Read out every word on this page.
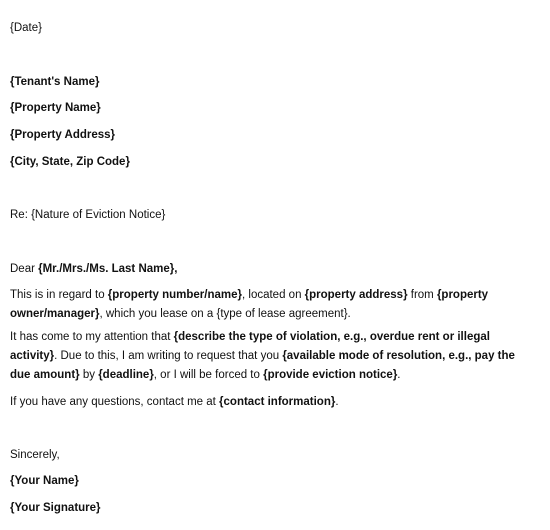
{Date}
{Tenant's Name}
{Property Name}
{Property Address}
{City, State, Zip Code}
Re: {Nature of Eviction Notice}
Dear {Mr./Mrs./Ms. Last Name},
This is in regard to {property number/name}, located on {property address} from {property owner/manager}, which you lease on a {type of lease agreement}.
It has come to my attention that {describe the type of violation, e.g., overdue rent or illegal activity}. Due to this, I am writing to request that you {available mode of resolution, e.g., pay the due amount} by {deadline}, or I will be forced to {provide eviction notice}.
If you have any questions, contact me at {contact information}.
Sincerely,
{Your Name}
{Your Signature}
